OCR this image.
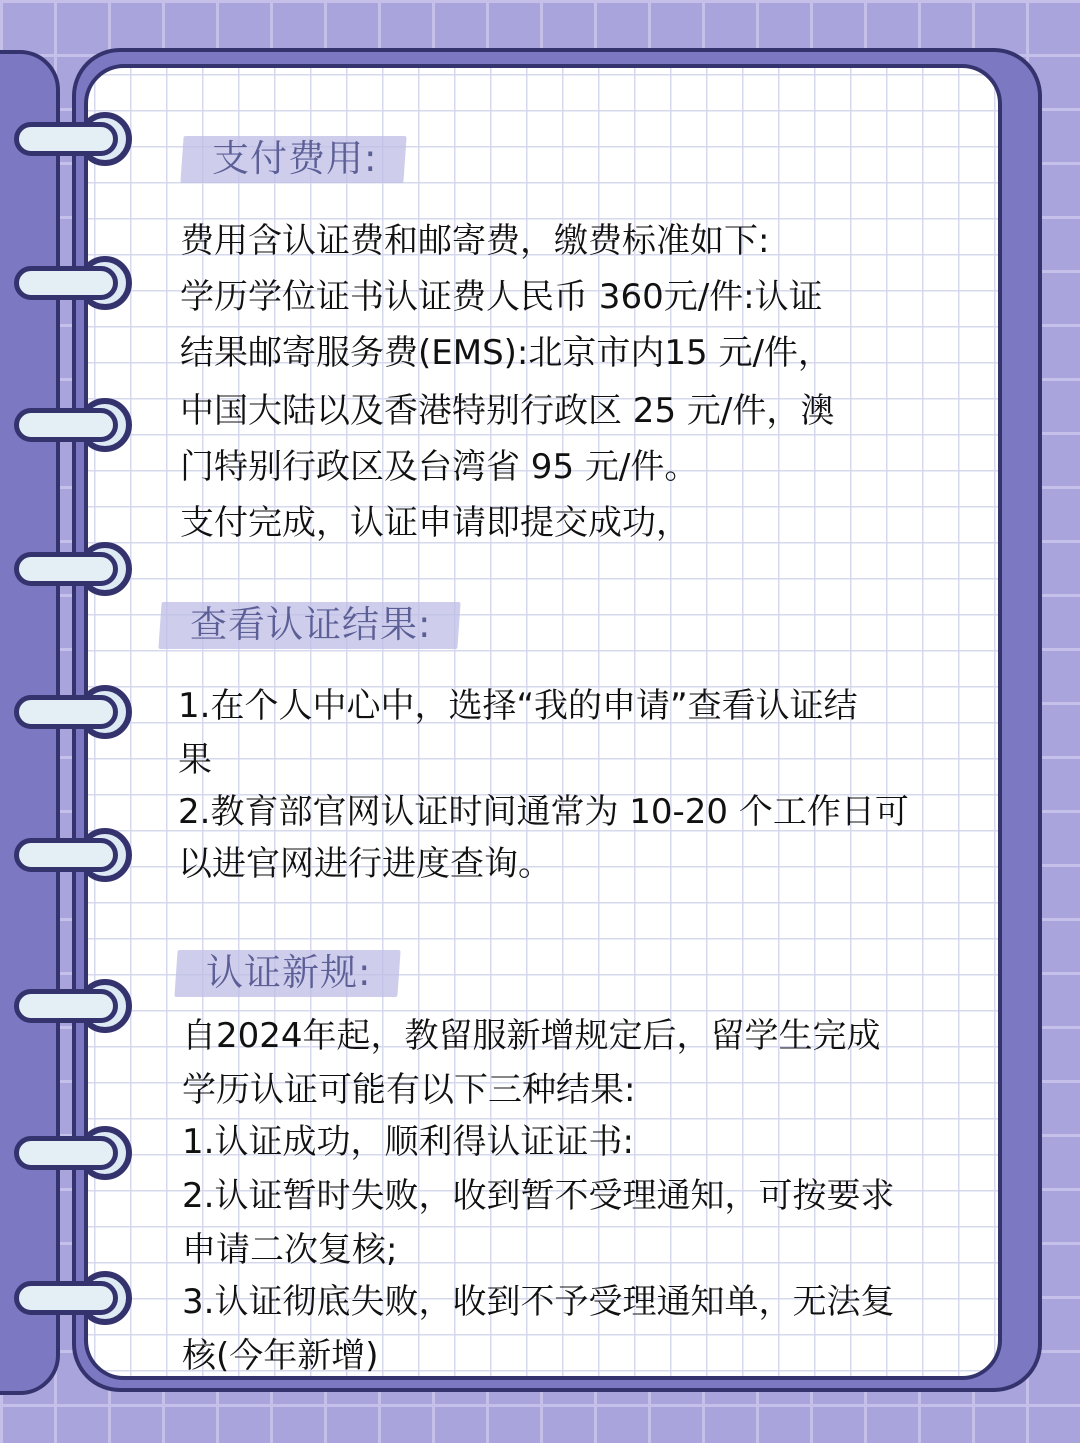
支付费用:

费用含认证费和邮寄费，缴费标准如下:

学历学位证书认证费人民币 360元/件:认证

结果邮寄服务费(EMS):北京市内15 元/件，

中国大陆以及香港特别行政区 25 元/件，澳

门特别行政区及台湾省 95 元/件。

支付完成，认证申请即提交成功，

查看认证结果:

1.在个人中心中，选择“我的申请”查看认证结

果

2.教育部官网认证时间通常为 10-20 个工作日可

以进官网进行进度查询。

认证新规:

自2024年起，教留服新增规定后，留学生完成

学历认证可能有以下三种结果:

1.认证成功，顺利得认证证书:

2.认证暂时失败，收到暂不受理通知，可按要求

申请二次复核;

3.认证彻底失败，收到不予受理通知单，无法复

核(今年新增)
